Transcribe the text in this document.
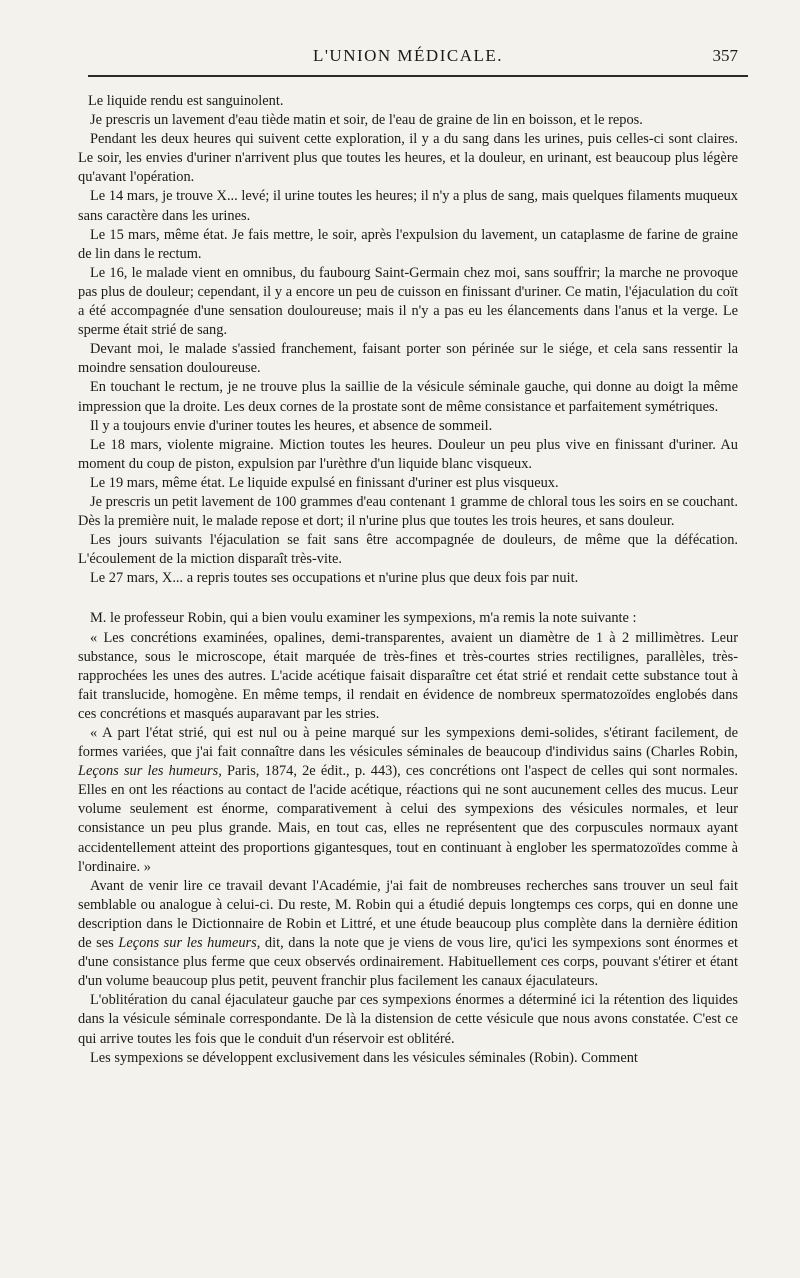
L'UNION MÉDICALE.	357

Le liquide rendu est sanguinolent.

Je prescris un lavement d'eau tiède matin et soir, de l'eau de graine de lin en boisson, et le repos.

Pendant les deux heures qui suivent cette exploration, il y a du sang dans les urines, puis celles-ci sont claires. Le soir, les envies d'uriner n'arrivent plus que toutes les heures, et la douleur, en urinant, est beaucoup plus légère qu'avant l'opération.

Le 14 mars, je trouve X... levé; il urine toutes les heures; il n'y a plus de sang, mais quelques filaments muqueux sans caractère dans les urines.

Le 15 mars, même état. Je fais mettre, le soir, après l'expulsion du lavement, un cataplasme de farine de graine de lin dans le rectum.

Le 16, le malade vient en omnibus, du faubourg Saint-Germain chez moi, sans souffrir; la marche ne provoque pas plus de douleur; cependant, il y a encore un peu de cuisson en finissant d'uriner. Ce matin, l'éjaculation du coït a été accompagnée d'une sensation douloureuse; mais il n'y a pas eu les élancements dans l'anus et la verge. Le sperme était strié de sang.

Devant moi, le malade s'assied franchement, faisant porter son périnée sur le siége, et cela sans ressentir la moindre sensation douloureuse.

En touchant le rectum, je ne trouve plus la saillie de la vésicule séminale gauche, qui donne au doigt la même impression que la droite. Les deux cornes de la prostate sont de même consistance et parfaitement symétriques.

Il y a toujours envie d'uriner toutes les heures, et absence de sommeil.

Le 18 mars, violente migraine. Miction toutes les heures. Douleur un peu plus vive en finissant d'uriner. Au moment du coup de piston, expulsion par l'urèthre d'un liquide blanc visqueux.

Le 19 mars, même état. Le liquide expulsé en finissant d'uriner est plus visqueux.

Je prescris un petit lavement de 100 grammes d'eau contenant 1 gramme de chloral tous les soirs en se couchant. Dès la première nuit, le malade repose et dort; il n'urine plus que toutes les trois heures, et sans douleur.

Les jours suivants l'éjaculation se fait sans être accompagnée de douleurs, de même que la défécation. L'écoulement de la miction disparaît très-vite.

Le 27 mars, X... a repris toutes ses occupations et n'urine plus que deux fois par nuit.

M. le professeur Robin, qui a bien voulu examiner les sympexions, m'a remis la note suivante :

« Les concrétions examinées, opalines, demi-transparentes, avaient un diamètre de 1 à 2 millimètres. Leur substance, sous le microscope, était marquée de très-fines et très-courtes stries rectilignes, parallèles, très-rapprochées les unes des autres. L'acide acétique faisait disparaître cet état strié et rendait cette substance tout à fait translucide, homogène. En même temps, il rendait en évidence de nombreux spermatozoïdes englobés dans ces concrétions et masqués auparavant par les stries.

« A part l'état strié, qui est nul ou à peine marqué sur les sympexions demi-solides, s'étirant facilement, de formes variées, que j'ai fait connaître dans les vésicules séminales de beaucoup d'individus sains (Charles Robin, Leçons sur les humeurs, Paris, 1874, 2e édit., p. 443), ces concrétions ont l'aspect de celles qui sont normales. Elles en ont les réactions au contact de l'acide acétique, réactions qui ne sont aucunement celles des mucus. Leur volume seulement est énorme, comparativement à celui des sympexions des vésicules normales, et leur consistance un peu plus grande. Mais, en tout cas, elles ne représentent que des corpuscules normaux ayant accidentellement atteint des proportions gigantesques, tout en continuant à englober les spermatozoïdes comme à l'ordinaire. »

Avant de venir lire ce travail devant l'Académie, j'ai fait de nombreuses recherches sans trouver un seul fait semblable ou analogue à celui-ci. Du reste, M. Robin qui a étudié depuis longtemps ces corps, qui en donne une description dans le Dictionnaire de Robin et Littré, et une étude beaucoup plus complète dans la dernière édition de ses Leçons sur les humeurs, dit, dans la note que je viens de vous lire, qu'ici les sympexions sont énormes et d'une consistance plus ferme que ceux observés ordinairement. Habituellement ces corps, pouvant s'étirer et étant d'un volume beaucoup plus petit, peuvent franchir plus facilement les canaux éjaculateurs.

L'oblitération du canal éjaculateur gauche par ces sympexions énormes a déterminé ici la rétention des liquides dans la vésicule séminale correspondante. De là la distension de cette vésicule que nous avons constatée. C'est ce qui arrive toutes les fois que le conduit d'un réservoir est oblitéré.

Les sympexions se développent exclusivement dans les vésicules séminales (Robin). Comment
